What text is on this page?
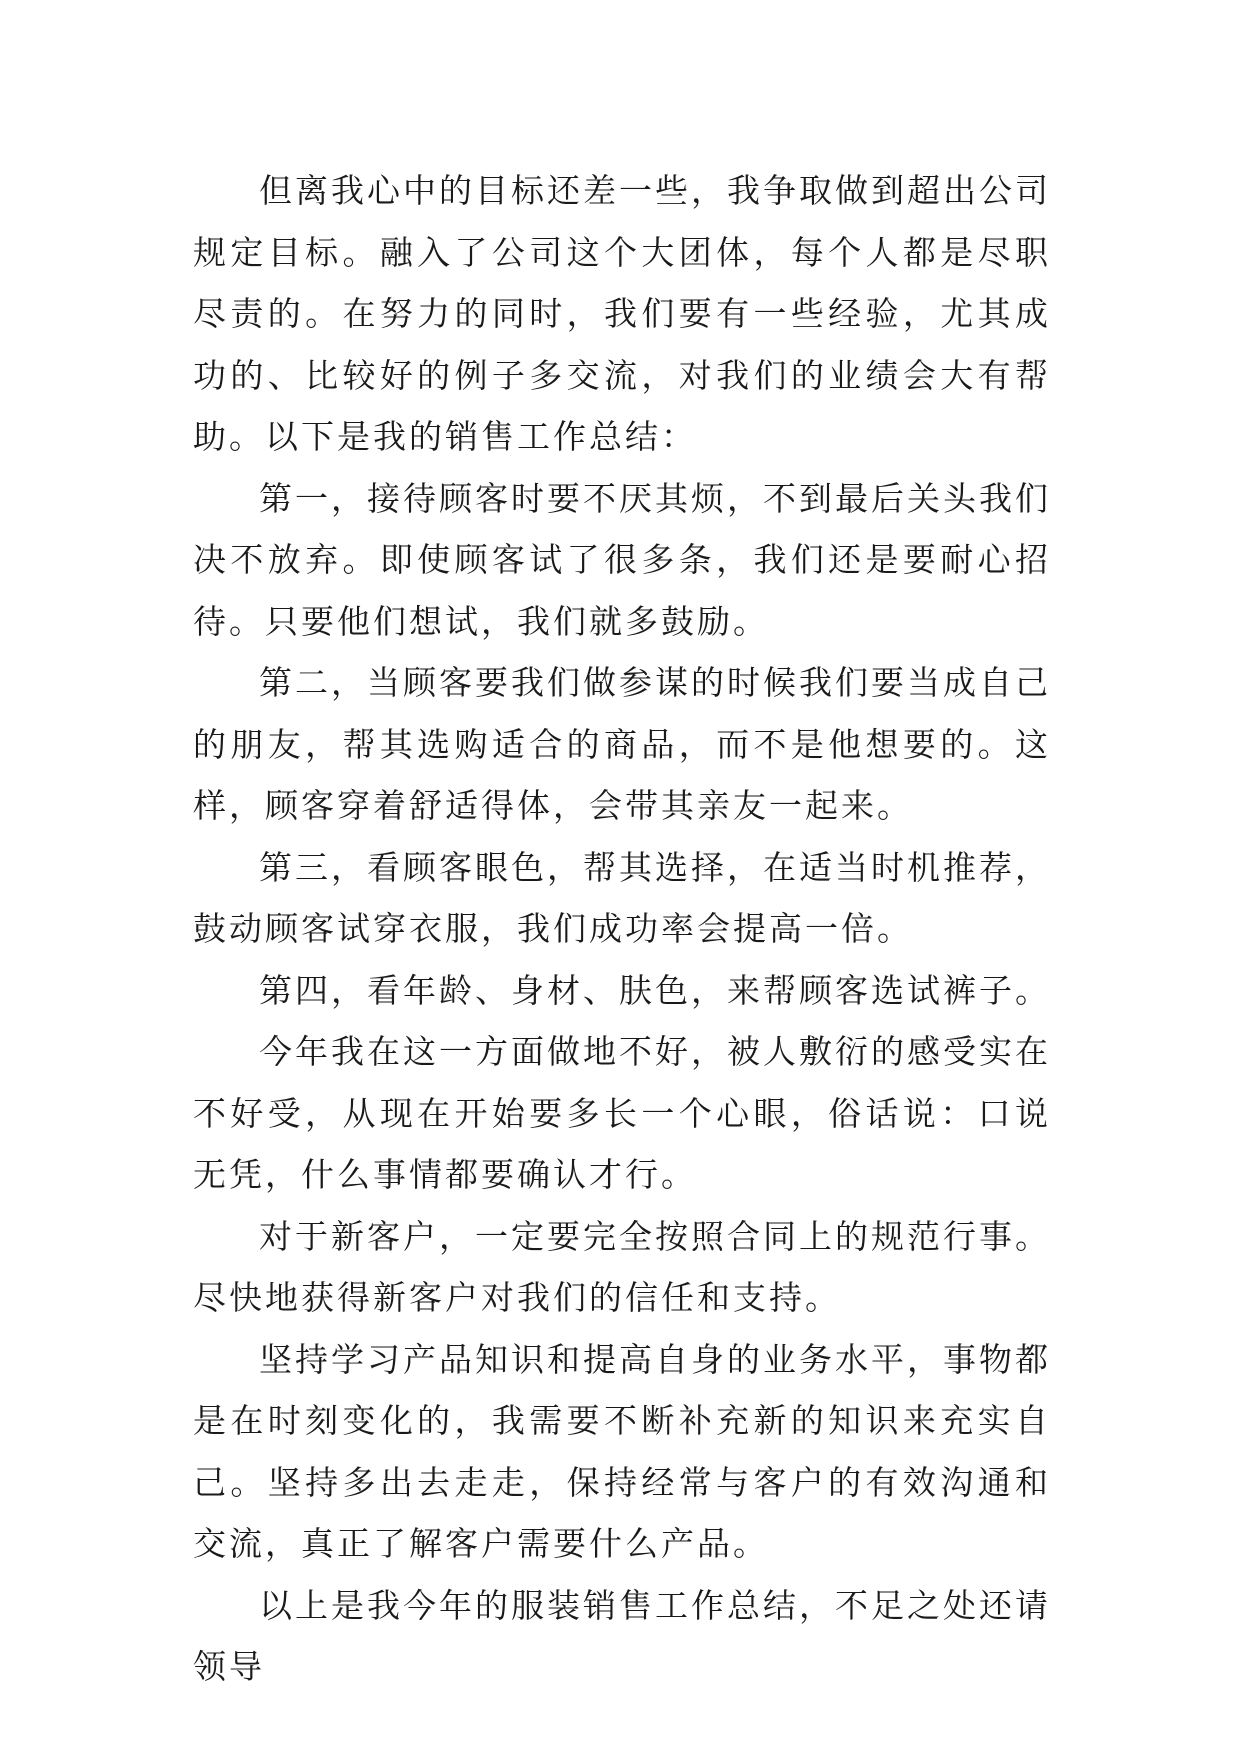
但离我心中的目标还差一些，我争取做到超出公司规定目标。融入了公司这个大团体，每个人都是尽职尽责的。在努力的同时，我们要有一些经验，尤其成功的、比较好的例子多交流，对我们的业绩会大有帮助。以下是我的销售工作总结：

第一，接待顾客时要不厌其烦，不到最后关头我们决不放弃。即使顾客试了很多条，我们还是要耐心招待。只要他们想试，我们就多鼓励。

第二，当顾客要我们做参谋的时候我们要当成自己的朋友，帮其选购适合的商品，而不是他想要的。这样，顾客穿着舒适得体，会带其亲友一起来。

第三，看顾客眼色，帮其选择，在适当时机推荐，鼓动顾客试穿衣服，我们成功率会提高一倍。

第四，看年龄、身材、肤色，来帮顾客选试裤子。

今年我在这一方面做地不好，被人敷衍的感受实在不好受，从现在开始要多长一个心眼，俗话说：口说无凭，什么事情都要确认才行。

对于新客户，一定要完全按照合同上的规范行事。尽快地获得新客户对我们的信任和支持。

坚持学习产品知识和提高自身的业务水平，事物都是在时刻变化的，我需要不断补充新的知识来充实自己。坚持多出去走走，保持经常与客户的有效沟通和交流，真正了解客户需要什么产品。

以上是我今年的服装销售工作总结，不足之处还请领导
